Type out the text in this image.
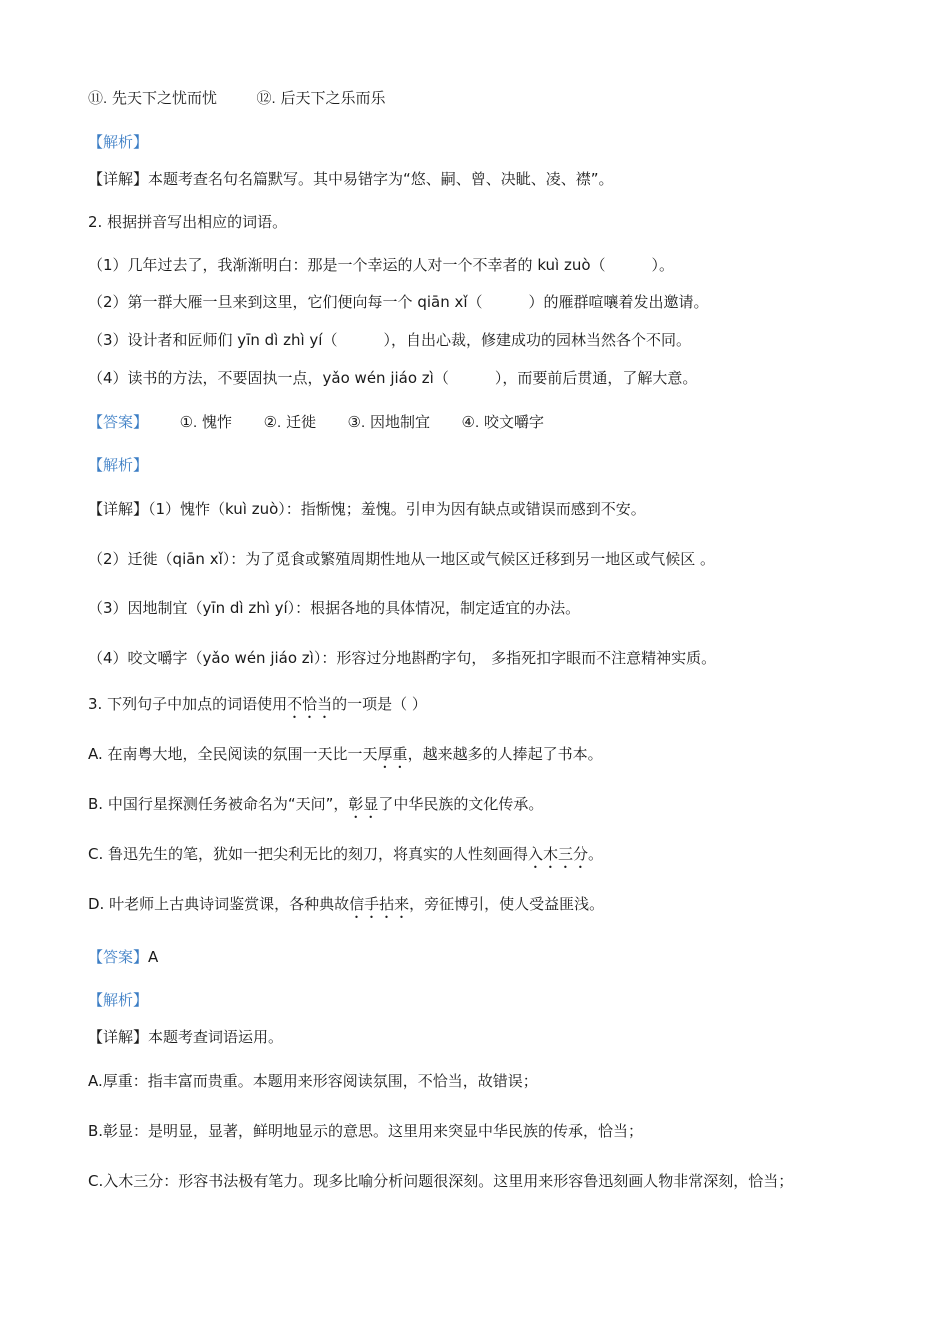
⑪. 先天下之忧而忧	⑫. 后天下之乐而乐
【解析】
【详解】本题考查名句名篇默写。其中易错字为“悠、嗣、曾、决眦、凌、襟”。
2. 根据拼音写出相应的词语。
（1）几年过去了，我渐渐明白：那是一个幸运的人对一个不幸者的 kuì zuò（	）。
（2）第一群大雁一旦来到这里，它们便向每一个 qiān xǐ（	）的雁群喧嚷着发出邀请。
（3）设计者和匠师们 yīn dì zhì yí（	），自出心裁，修建成功的园林当然各个不同。
（4）读书的方法，不要固执一点，yǎo wén jiáo zì（	），而要前后贯通，了解大意。
【答案】 ①. 愧怍 ②. 迁徙 ③. 因地制宜 ④. 咬文嚼字
【解析】
【详解】（1）愧怍（kuì zuò）：指惭愧；羞愧。引申为因有缺点或错误而感到不安。
（2）迁徙（qiān xǐ）：为了觅食或繁殖周期性地从一地区或气候区迁移到另一地区或气候区 。
（3）因地制宜（yīn dì zhì yí）：根据各地的具体情况，制定适宜的办法。
（4）咬文嚼字（yǎo wén jiáo zì）：形容过分地斟酌字句， 多指死扣字眼而不注意精神实质。
3. 下列句子中加点的词语使用不恰当的一项是（ ）
A. 在南粤大地，全民阅读的氛围一天比一天厚重，越来越多的人捧起了书本。
B. 中国行星探测任务被命名为“天问”，彰显了中华民族的文化传承。
C. 鲁迅先生的笔，犹如一把尖利无比的刻刀，将真实的人性刻画得入木三分。
D. 叶老师上古典诗词鉴赏课，各种典故信手拈来，旁征博引，使人受益匪浅。
【答案】A
【解析】
【详解】本题考查词语运用。
A.厚重：指丰富而贵重。本题用来形容阅读氛围，不恰当，故错误；
B.彰显：是明显，显著，鲜明地显示的意思。这里用来突显中华民族的传承，恰当；
C.入木三分：形容书法极有笔力。现多比喻分析问题很深刻。这里用来形容鲁迅刻画人物非常深刻，恰当；
